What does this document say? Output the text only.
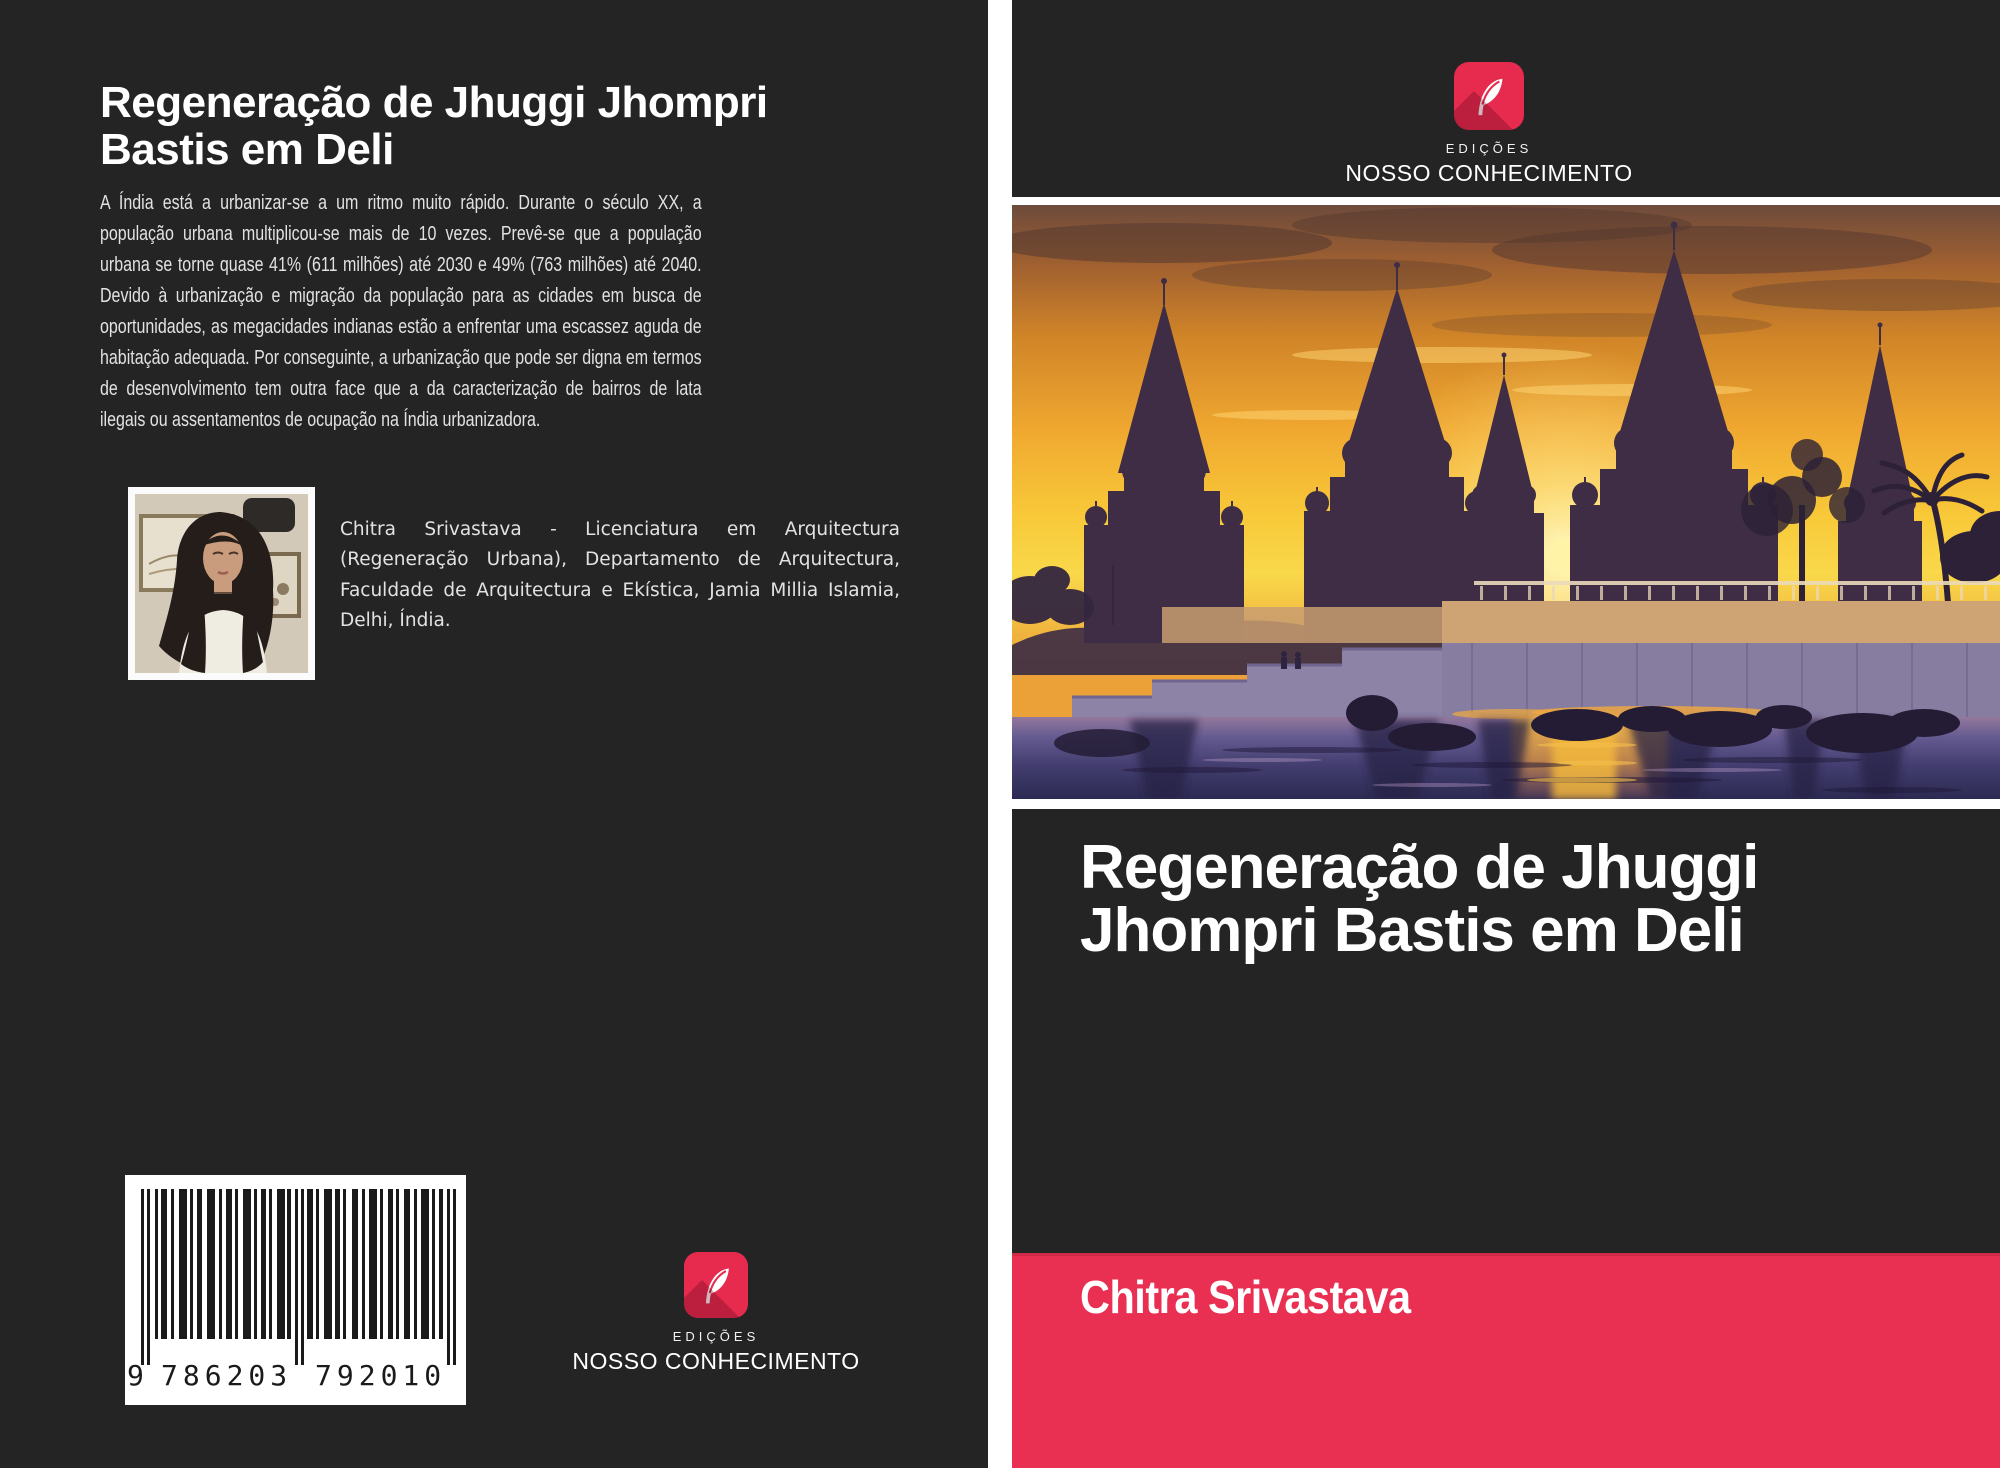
Regeneração de Jhuggi Jhompri Bastis em Deli

A Índia está a urbanizar-se a um ritmo muito rápido. Durante o século XX, a população urbana multiplicou-se mais de 10 vezes. Prevê-se que a população urbana se torne quase 41% (611 milhões) até 2030 e 49% (763 milhões) até 2040. Devido à urbanização e migração da população para as cidades em busca de oportunidades, as megacidades indianas estão a enfrentar uma escassez aguda de habitação adequada. Por conseguinte, a urbanização que pode ser digna em termos de desenvolvimento tem outra face que a da caracterização de bairros de lata ilegais ou assentamentos de ocupação na Índia urbanizadora.

Chitra Srivastava - Licenciatura em Arquitectura (Regeneração Urbana), Departamento de Arquitectura, Faculdade de Arquitectura e Ekística, Jamia Millia Islamia, Delhi, Índia.

9 786203 792010
EDIÇÕES
NOSSO CONHECIMENTO
EDIÇÕES
NOSSO CONHECIMENTO
Regeneração de Jhuggi Jhompri Bastis em Deli
Chitra Srivastava
